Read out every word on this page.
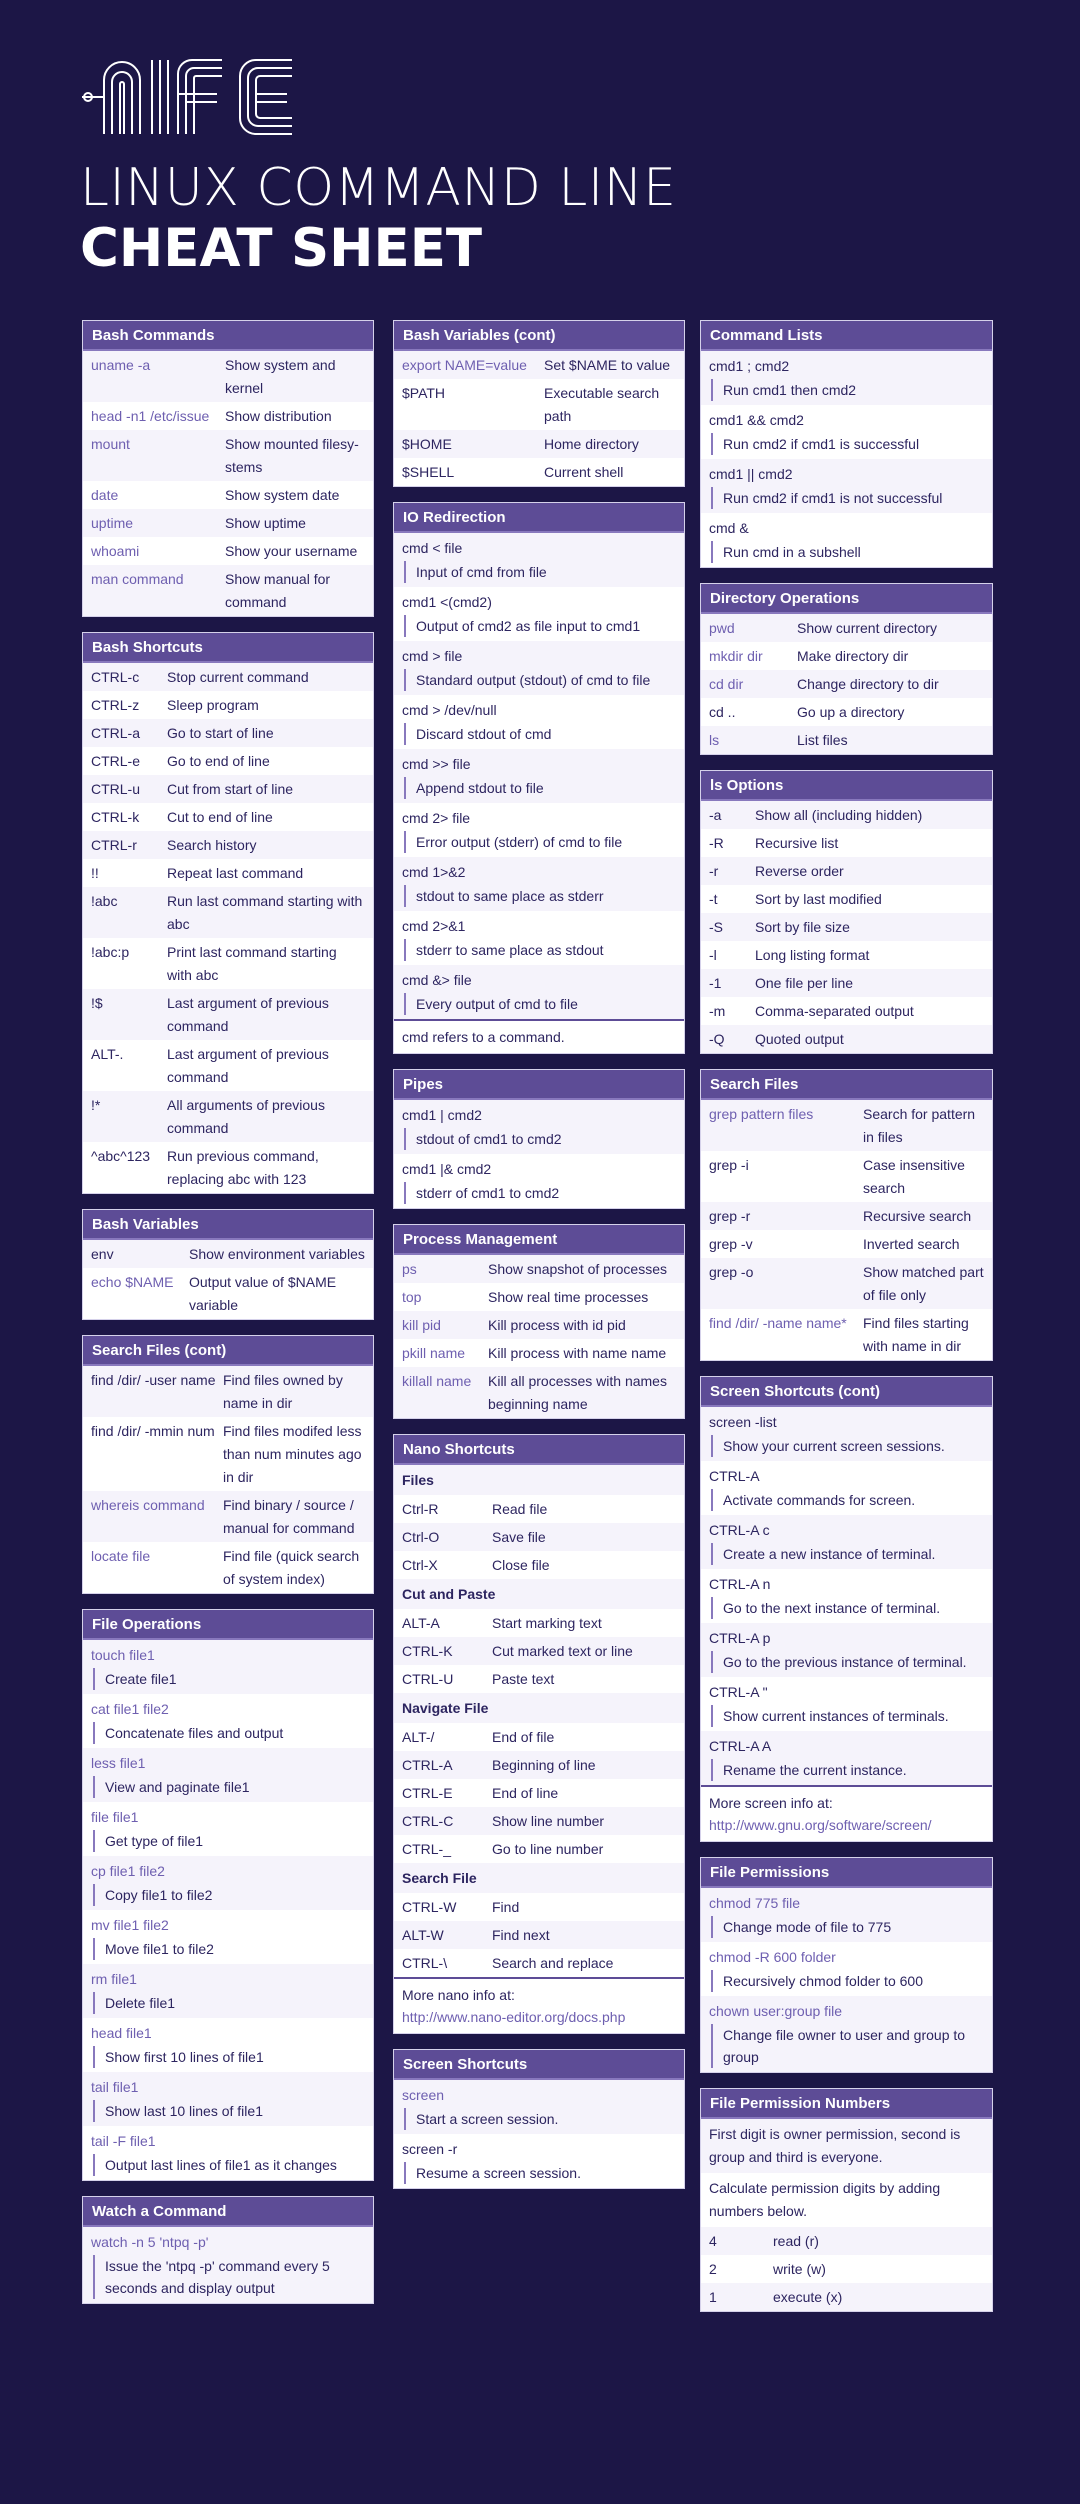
LINUX COMMAND LINE
CHEAT SHEET
Bash Commands
uname -a	Show system and kernel
head -n1 /etc/issue	Show distribution
mount	Show mounted filesy-stems
date	Show system date
uptime	Show uptime
whoami	Show your username
man command	Show manual for command
Bash Shortcuts
CTRL-c	Stop current command
CTRL-z	Sleep program
CTRL-a	Go to start of line
CTRL-e	Go to end of line
CTRL-u	Cut from start of line
CTRL-k	Cut to end of line
CTRL-r	Search history
!!	Repeat last command
!abc	Run last command starting with abc
!abc:p	Print last command starting with abc
!$	Last argument of previous command
ALT-.	Last argument of previous command
!*	All arguments of previous command
^abc^123	Run previous command, replacing abc with 123
Bash Variables
env	Show environment variables
echo $NAME	Output value of $NAME variable
Search Files (cont)
find /dir/ -user name Find files owned by name in dir
find /dir/ -mmin num Find files modifed less than num minutes ago in dir
whereis command	Find binary / source / manual for command
locate file	Find file (quick search of system index)
File Operations
touch file1
Create file1
cat file1 file2
Concatenate files and output
less file1
View and paginate file1
file file1
Get type of file1
cp file1 file2
Copy file1 to file2
mv file1 file2
Move file1 to file2
rm file1
Delete file1
head file1
Show first 10 lines of file1
tail file1
Show last 10 lines of file1
tail -F file1
Output last lines of file1 as it changes
Watch a Command
watch -n 5 'ntpq -p'
Issue the 'ntpq -p' command every 5 seconds and display output
Bash Variables (cont)
export NAME=value	Set $NAME to value
$PATH	Executable search path
$HOME	Home directory
$SHELL	Current shell
IO Redirection
cmd < file
Input of cmd from file
cmd1 <(cmd2)
Output of cmd2 as file input to cmd1
cmd > file
Standard output (stdout) of cmd to file
cmd > /dev/null
Discard stdout of cmd
cmd >> file
Append stdout to file
cmd 2> file
Error output (stderr) of cmd to file
cmd 1>&2
stdout to same place as stderr
cmd 2>&1
stderr to same place as stdout
cmd &> file
Every output of cmd to file
cmd refers to a command.
Pipes
cmd1 | cmd2
stdout of cmd1 to cmd2
cmd1 |& cmd2
stderr of cmd1 to cmd2
Process Management
ps	Show snapshot of processes
top	Show real time processes
kill pid	Kill process with id pid
pkill name	Kill process with name name
killall name	Kill all processes with names beginning name
Nano Shortcuts
Files
Ctrl-R	Read file
Ctrl-O	Save file
Ctrl-X	Close file
Cut and Paste
ALT-A	Start marking text
CTRL-K	Cut marked text or line
CTRL-U	Paste text
Navigate File
ALT-/	End of file
CTRL-A	Beginning of line
CTRL-E	End of line
CTRL-C	Show line number
CTRL-_	Go to line number
Search File
CTRL-W	Find
ALT-W	Find next
CTRL-\	Search and replace
More nano info at:
http://www.nano-editor.org/docs.php
Screen Shortcuts
screen
Start a screen session.
screen -r
Resume a screen session.
Command Lists
cmd1 ; cmd2
Run cmd1 then cmd2
cmd1 && cmd2
Run cmd2 if cmd1 is successful
cmd1 || cmd2
Run cmd2 if cmd1 is not successful
cmd &
Run cmd in a subshell
Directory Operations
pwd	Show current directory
mkdir dir	Make directory dir
cd dir	Change directory to dir
cd ..	Go up a directory
ls	List files
ls Options
-a	Show all (including hidden)
-R	Recursive list
-r	Reverse order
-t	Sort by last modified
-S	Sort by file size
-l	Long listing format
-1	One file per line
-m	Comma-separated output
-Q	Quoted output
Search Files
grep pattern files	Search for pattern in files
grep -i	Case insensitive search
grep -r	Recursive search
grep -v	Inverted search
grep -o	Show matched part of file only
find /dir/ -name name*	Find files starting with name in dir
Screen Shortcuts (cont)
screen -list
Show your current screen sessions.
CTRL-A
Activate commands for screen.
CTRL-A c
Create a new instance of terminal.
CTRL-A n
Go to the next instance of terminal.
CTRL-A p
Go to the previous instance of terminal.
CTRL-A "
Show current instances of terminals.
CTRL-A A
Rename the current instance.
More screen info at:
http://www.gnu.org/software/screen/
File Permissions
chmod 775 file
Change mode of file to 775
chmod -R 600 folder
Recursively chmod folder to 600
chown user:group file
Change file owner to user and group to group
File Permission Numbers
First digit is owner permission, second is group and third is everyone.
Calculate permission digits by adding numbers below.
4	read (r)
2	write (w)
1	execute (x)
